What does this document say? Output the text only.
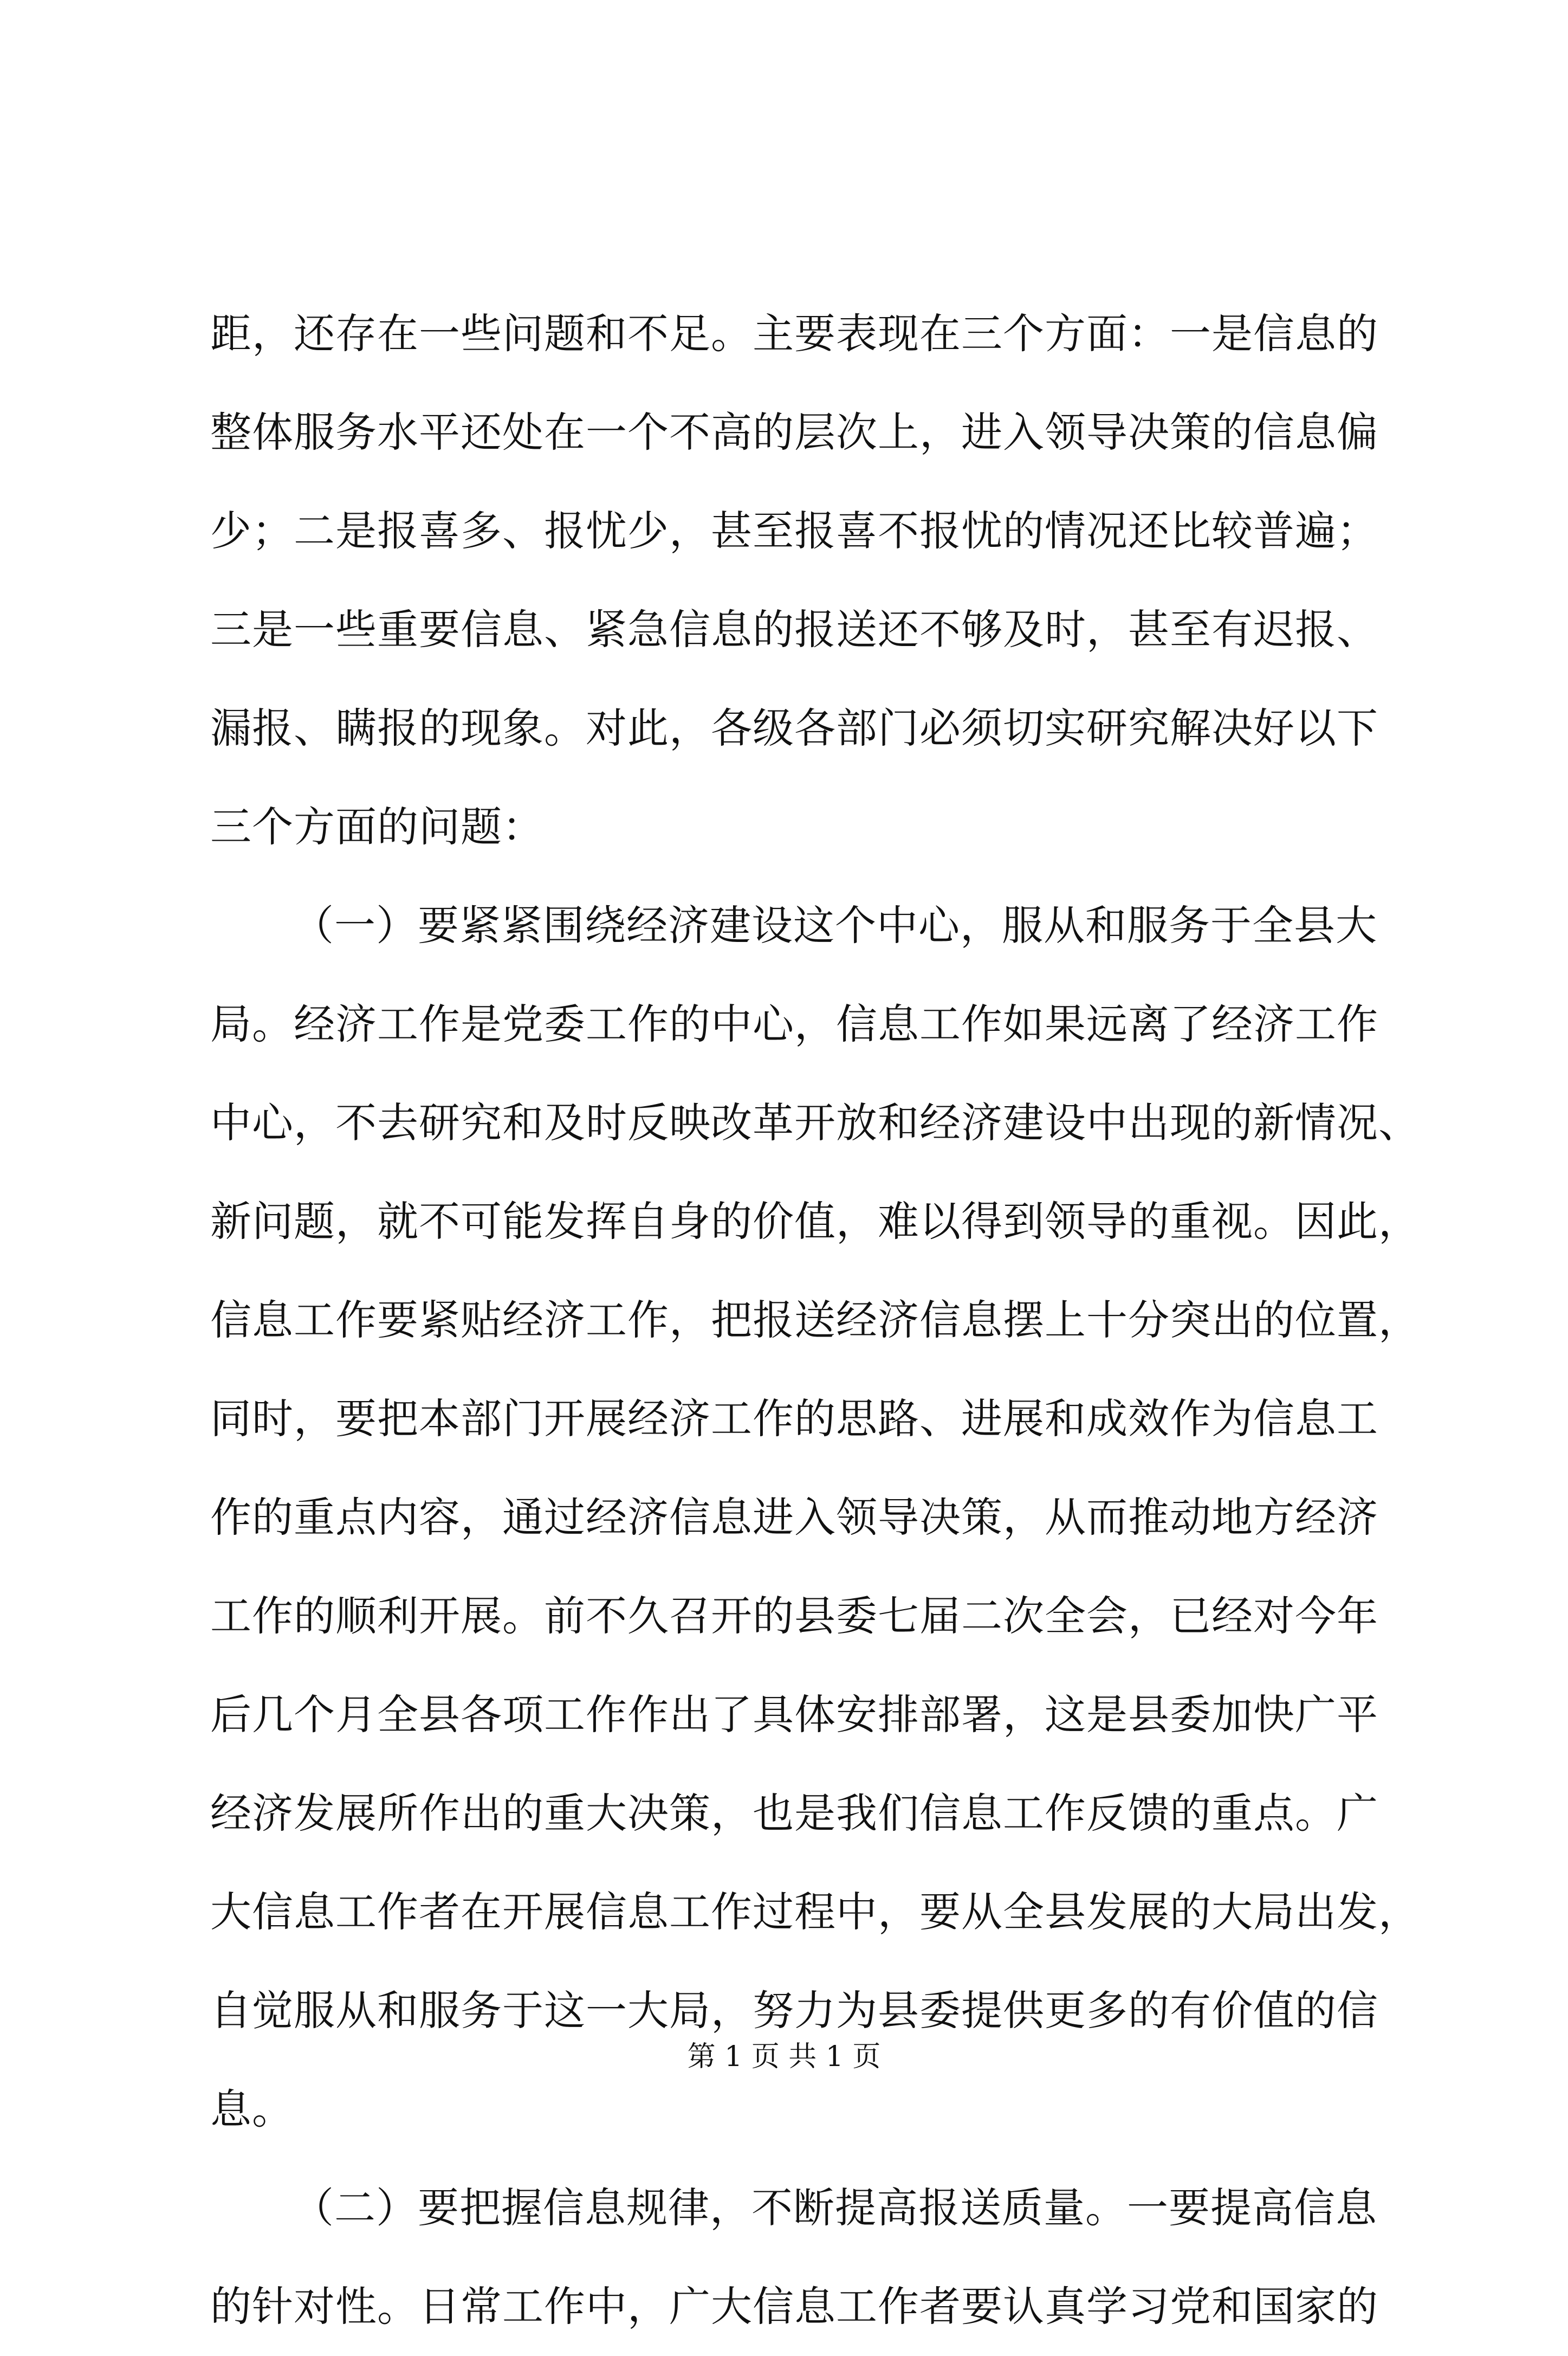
距，还存在一些问题和不足。主要表现在三个方面：一是信息的
整体服务水平还处在一个不高的层次上，进入领导决策的信息偏
少；二是报喜多、报忧少，甚至报喜不报忧的情况还比较普遍；
三是一些重要信息、紧急信息的报送还不够及时，甚至有迟报、
漏报、瞒报的现象。对此，各级各部门必须切实研究解决好以下
三个方面的问题：
（一）要紧紧围绕经济建设这个中心，服从和服务于全县大
局。经济工作是党委工作的中心，信息工作如果远离了经济工作
中心，不去研究和及时反映改革开放和经济建设中出现的新情况、
新问题，就不可能发挥自身的价值，难以得到领导的重视。因此，
信息工作要紧贴经济工作，把报送经济信息摆上十分突出的位置，
同时，要把本部门开展经济工作的思路、进展和成效作为信息工
作的重点内容，通过经济信息进入领导决策，从而推动地方经济
工作的顺利开展。前不久召开的县委七届二次全会，已经对今年
后几个月全县各项工作作出了具体安排部署，这是县委加快广平
经济发展所作出的重大决策，也是我们信息工作反馈的重点。广
大信息工作者在开展信息工作过程中，要从全县发展的大局出发，
自觉服从和服务于这一大局，努力为县委提供更多的有价值的信
息。
（二）要把握信息规律，不断提高报送质量。一要提高信息
的针对性。日常工作中，广大信息工作者要认真学习党和国家的
第 1 页 共 1 页
